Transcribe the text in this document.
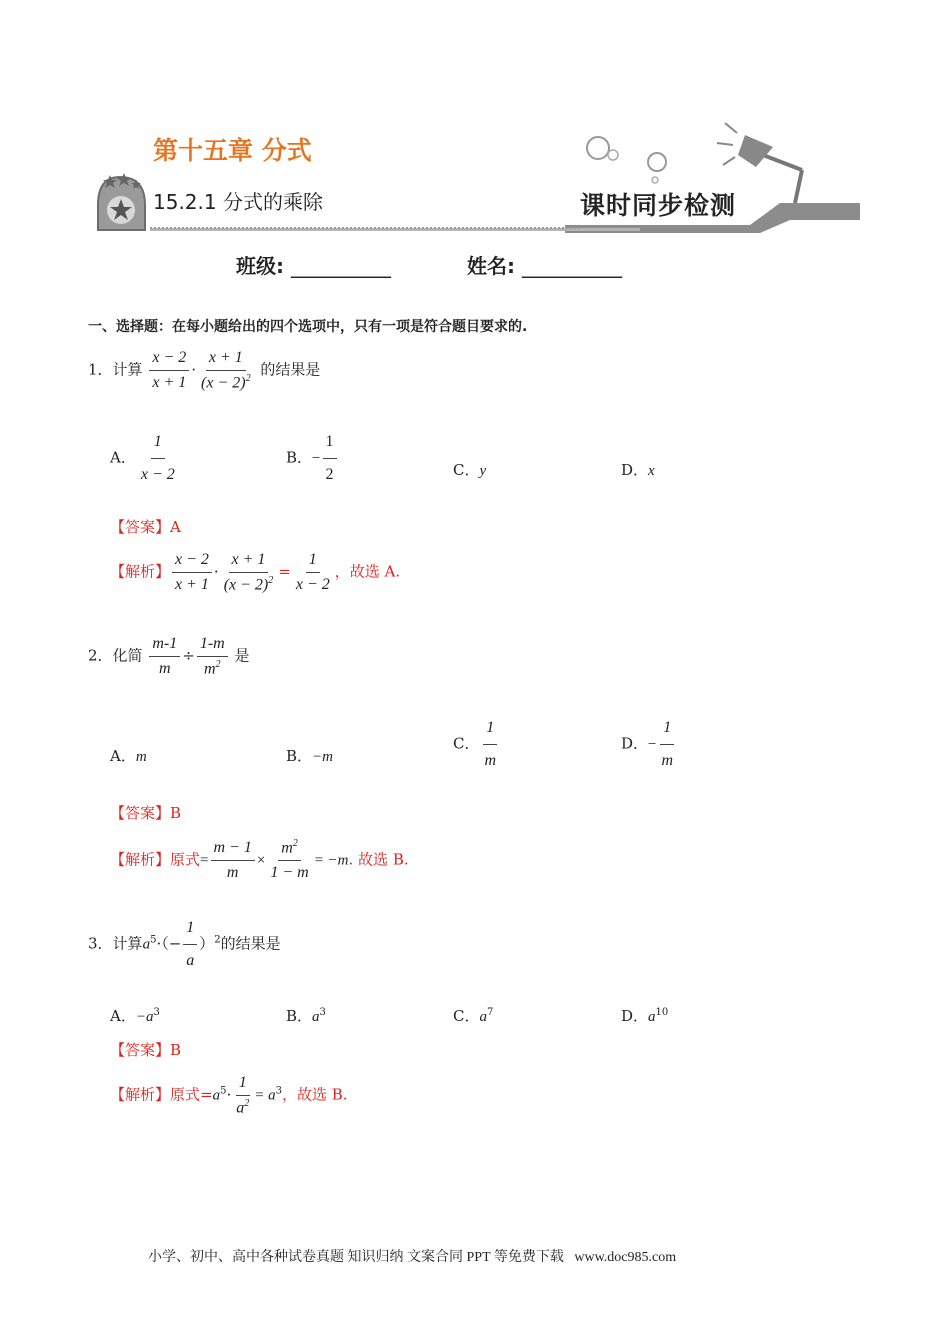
第十五章 分式
15.2.1 分式的乘除	课时同步检测
班级: __________	姓名: __________
一、选择题：在每小题给出的四个选项中，只有一项是符合题目要求的.
1．计算 $\frac{x - 2}{x + 1} \cdot \frac{x + 1}{(x - 2)^2}$ 的结果是
A． $\frac{1}{x - 2}$	B．− $\frac{1}{2}$	C．y	D．x
【答案】A
【解析】 $\frac{x - 2}{x + 1} \cdot \frac{x + 1}{(x - 2)^2} = \frac{1}{x - 2}$ ，故选 A.
2．化简 $\frac{m-1}{m} \div \frac{1-m}{m^2}$ 是
A．m	B．−m
C． $\frac{1}{m}$	D．− $\frac{1}{m}$
【答案】B
【解析】原式= $\frac{m - 1}{m} \times \frac{m^2}{1 - m} = -m$. 故选 B.
3．计算$a^5\cdot(- \frac{1}{a} )^2$的结果是
A．$-a^3$	B．$a^3$	C．$a^7$	D．$a^{10}$
【答案】B
【解析】原式$=a^5\cdot \frac{1}{a^2} = a^3$，故选 B.
小学、初中、高中各种试卷真题 知识归纳 文案合同 PPT 等免费下载   www.doc985.com
